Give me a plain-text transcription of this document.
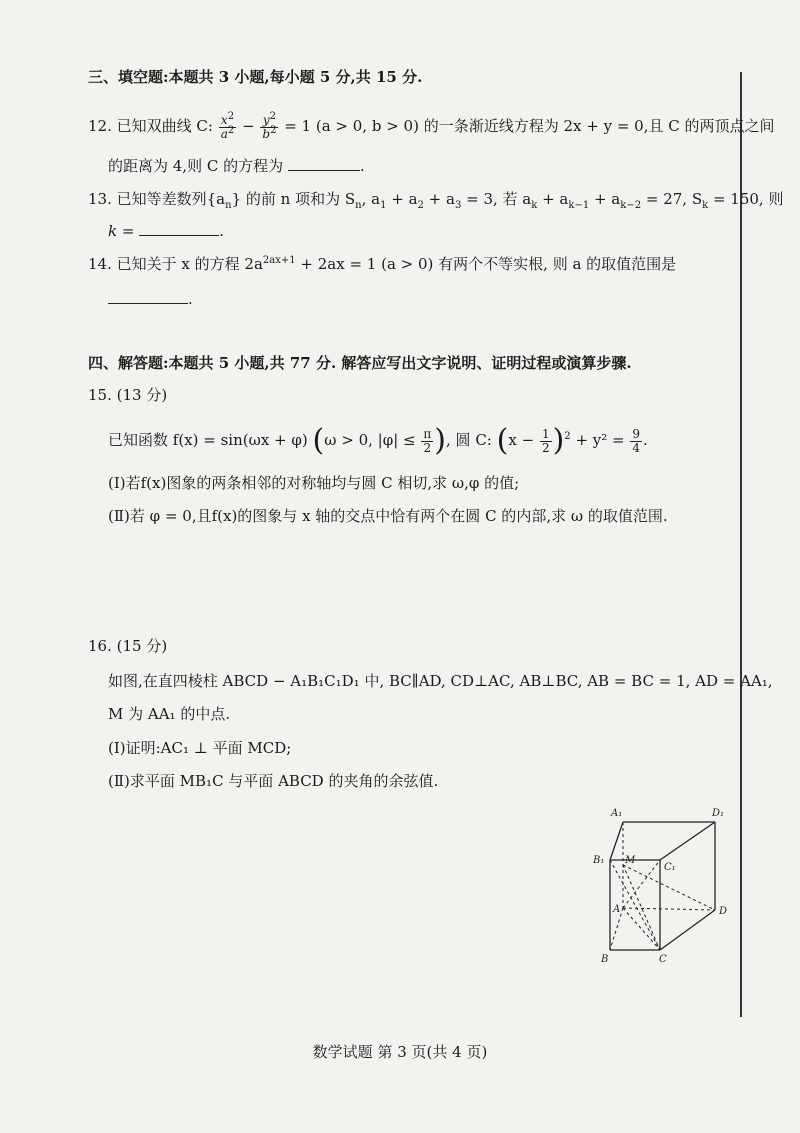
三、填空题:本题共 3 小题,每小题 5 分,共 15 分.
12. 已知双曲线 C: $\frac{x^2}{a^2} - \frac{y^2}{b^2} = 1$ (a > 0, b > 0) 的一条渐近线方程为 2x + y = 0,且 C 的两顶点之间
的距离为 4,则 C 的方程为	.
13. 已知等差数列$\{a_n\}$ 的前 n 项和为 $S_n$, $a_1 + a_2 + a_3 = 3$, 若 $a_k + a_{k-1} + a_{k-2} = 27$, $S_k = 150$, 则
k =	.
14. 已知关于 x 的方程 $2a^{2ax+1} + 2ax = 1$ (a > 0) 有两个不等实根, 则 a 的取值范围是
.
四、解答题:本题共 5 小题,共 77 分. 解答应写出文字说明、证明过程或演算步骤.
15. (13 分)
已知函数 f(x) = sin(ωx + φ) (ω > 0, $|\varphi| \le \frac{\pi}{2}$ ), 圆 C: $(x - \frac{1}{2} )^2 + y^2 = \frac{9}{4}$ .
(Ⅰ)若f(x)图象的两条相邻的对称轴均与圆 C 相切,求 ω,φ 的值;
(Ⅱ)若 φ = 0,且f(x)的图象与 x 轴的交点中恰有两个在圆 C 的内部,求 ω 的取值范围.
16. (15 分)
如图,在直四棱柱 ABCD − A₁B₁C₁D₁ 中, BC∥AD, CD⊥AC, AB⊥BC, AB = BC = 1, AD = AA₁,
M 为 AA₁ 的中点.
(Ⅰ)证明:AC₁ ⊥ 平面 MCD;
(Ⅱ)求平面 MB₁C 与平面 ABCD 的夹角的余弦值.
A₁	D₁
B₁ M
C₁
A	D
B	C
数学试题 第 3 页(共 4 页)
